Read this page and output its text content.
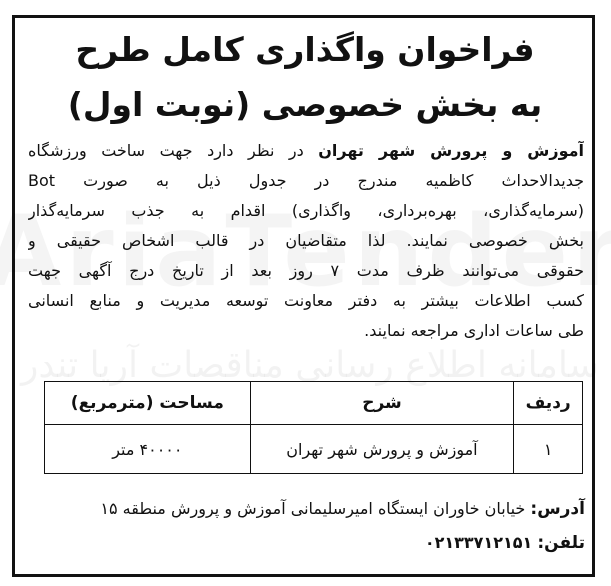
سامانه اطلاع رسانی مناقصات آریا تندر
فراخوان واگذاری کامل طرح
به بخش خصوصی (نوبت اول)
آموزش و پرورش شهر تهران در نظر دارد جهت ساخت ورزشگاه
جدیدالاحداث کاظمیه مندرج در جدول ذیل به صورت Bot
(سرمایه‌گذاری، بهره‌برداری، واگذاری) اقدام به جذب سرمایه‌گذار
بخش خصوصی نمایند. لذا متقاضیان در قالب اشخاص حقیقی و
حقوقی می‌توانند ظرف مدت ۷ روز بعد از تاریخ درج آگهی جهت
کسب اطلاعات بیشتر به دفتر معاونت توسعه مدیریت و منابع انسانی
طی ساعات اداری مراجعه نمایند.
ردیف	شرح	مساحت (مترمربع)
۱	آموزش و پرورش شهر تهران	۴۰۰۰۰ متر
آدرس: خیابان خاوران ایستگاه امیرسلیمانی آموزش و پرورش منطقه ۱۵
تلفن: ۰۲۱۳۳۷۱۲۱۵۱
